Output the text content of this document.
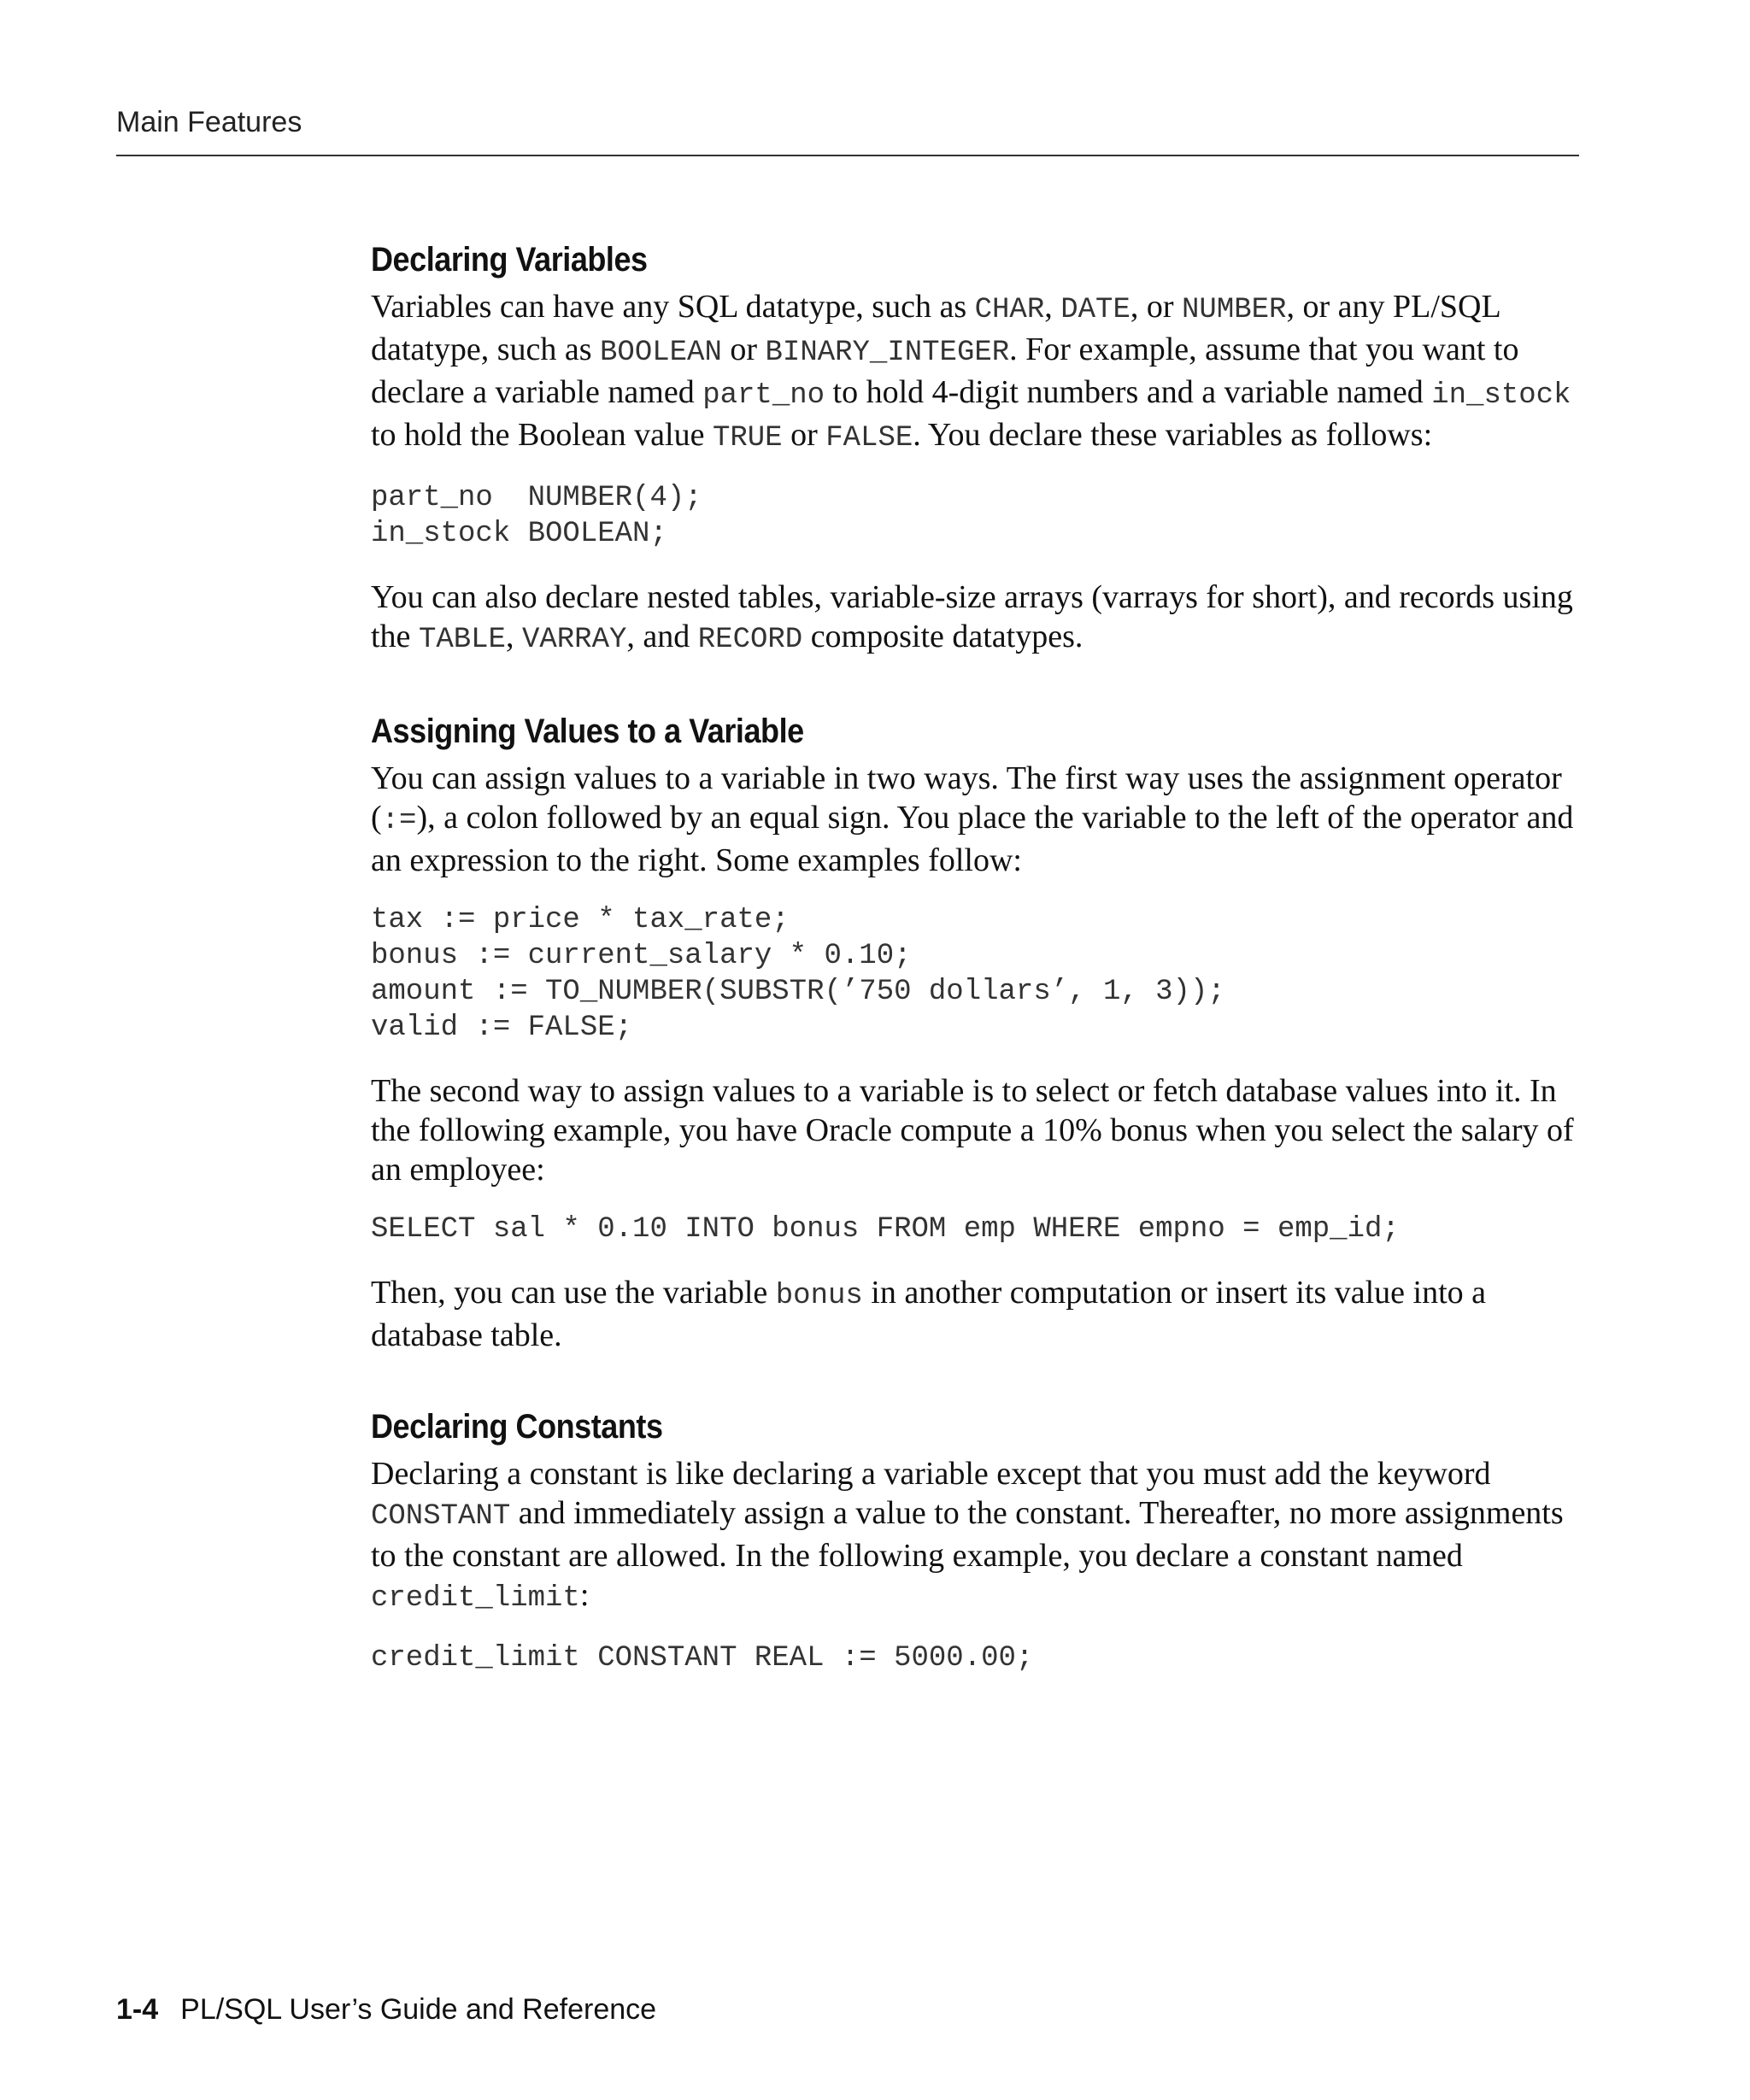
Main Features
Declaring Variables

Variables can have any SQL datatype, such as CHAR, DATE, or NUMBER, or any PL/SQL datatype, such as BOOLEAN or BINARY_INTEGER. For example, assume that you want to declare a variable named part_no to hold 4-digit numbers and a variable named in_stock to hold the Boolean value TRUE or FALSE. You declare these variables as follows:

part_no  NUMBER(4);
in_stock BOOLEAN;

You can also declare nested tables, variable-size arrays (varrays for short), and records using the TABLE, VARRAY, and RECORD composite datatypes.

Assigning Values to a Variable

You can assign values to a variable in two ways. The first way uses the assignment operator (:=), a colon followed by an equal sign. You place the variable to the left of the operator and an expression to the right. Some examples follow:

tax := price * tax_rate;
bonus := current_salary * 0.10;
amount := TO_NUMBER(SUBSTR(’750 dollars’, 1, 3));
valid := FALSE;

The second way to assign values to a variable is to select or fetch database values into it. In the following example, you have Oracle compute a 10% bonus when you select the salary of an employee:

SELECT sal * 0.10 INTO bonus FROM emp WHERE empno = emp_id;

Then, you can use the variable bonus in another computation or insert its value into a database table.

Declaring Constants

Declaring a constant is like declaring a variable except that you must add the keyword CONSTANT and immediately assign a value to the constant. Thereafter, no more assignments to the constant are allowed. In the following example, you declare a constant named credit_limit:

credit_limit CONSTANT REAL := 5000.00;
1-4 PL/SQL User’s Guide and Reference
